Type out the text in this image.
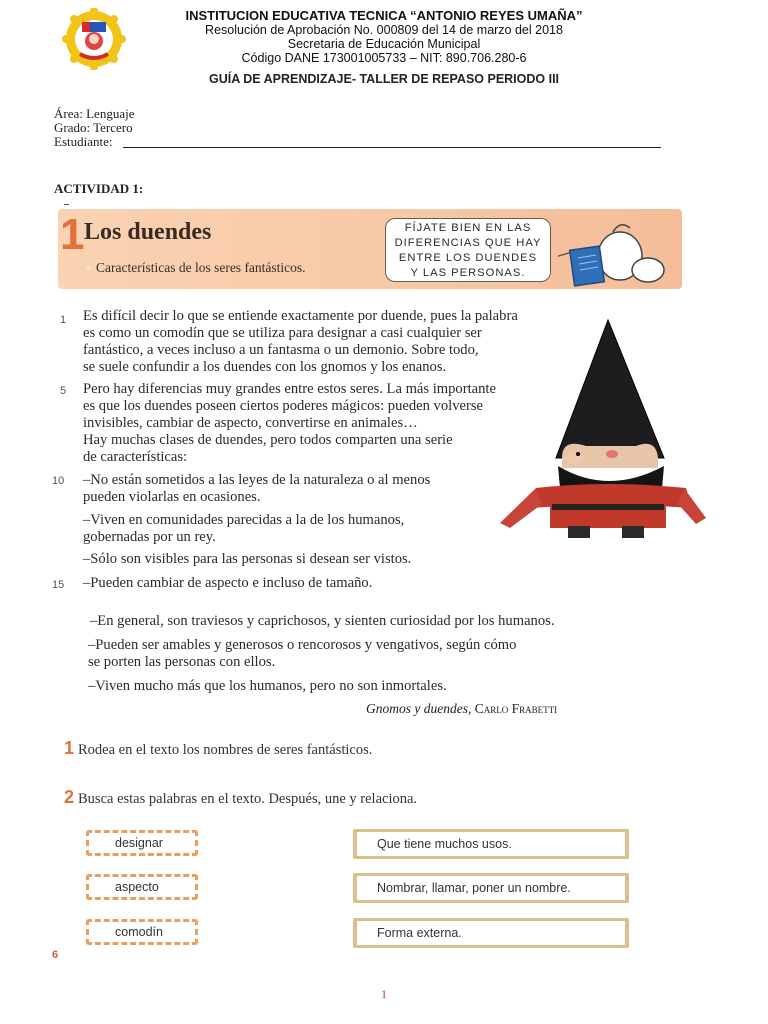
INSTITUCION EDUCATIVA TECNICA “ANTONIO REYES UMAÑA”
Resolución de Aprobación No. 000809 del 14 de marzo del 2018
Secretaria de Educación Municipal
Código DANE 173001005733 – NIT: 890.706.280-6
GUÍA DE APRENDIZAJE- TALLER DE REPASO PERIODO III
Área: Lenguaje
Grado: Tercero
Estudiante:
ACTIVIDAD 1:
1 Los duendes
Características de los seres fantásticos.
FÍJATE BIEN EN LAS
DIFERENCIAS QUE HAY
ENTRE LOS DUENDES
Y LAS PERSONAS.
1
5
10
15
Es difícil decir lo que se entiende exactamente por duende, pues la palabra
es como un comodín que se utiliza para designar a casi cualquier ser
fantástico, a veces incluso a un fantasma o un demonio. Sobre todo,
se suele confundir a los duendes con los gnomos y los enanos.
Pero hay diferencias muy grandes entre estos seres. La más importante
es que los duendes poseen ciertos poderes mágicos: pueden volverse
invisibles, cambiar de aspecto, convertirse en animales…
Hay muchas clases de duendes, pero todos comparten una serie
de características:
–No están sometidos a las leyes de la naturaleza o al menos
pueden violarlas en ocasiones.
–Viven en comunidades parecidas a la de los humanos,
gobernadas por un rey.
–Sólo son visibles para las personas si desean ser vistos.
–Pueden cambiar de aspecto e incluso de tamaño.
–En general, son traviesos y caprichosos, y sienten curiosidad por los humanos.
–Pueden ser amables y generosos o rencorosos y vengativos, según cómo
se porten las personas con ellos.
–Viven mucho más que los humanos, pero no son inmortales.
Gnomos y duendes, Carlo Frabetti
1 Rodea en el texto los nombres de seres fantásticos.
2 Busca estas palabras en el texto. Después, une y relaciona.
designar
aspecto
comodín
Que tiene muchos usos.
Nombrar, llamar, poner un nombre.
Forma externa.
6
1
